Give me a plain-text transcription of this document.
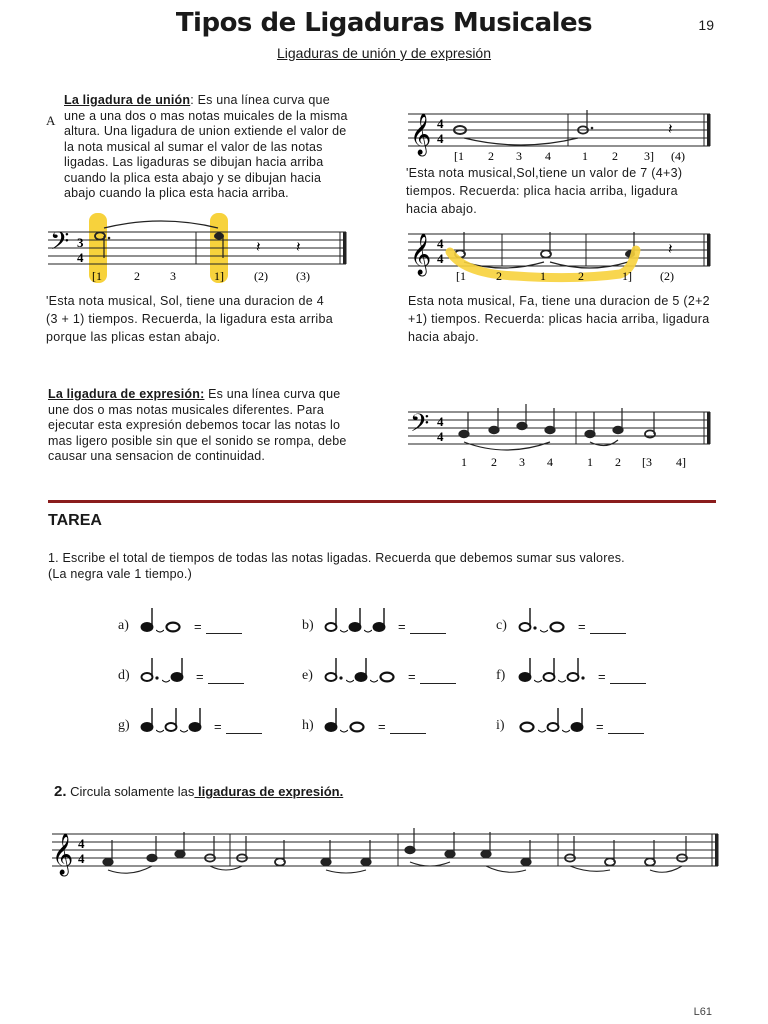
Tipos de Ligaduras Musicales	19
Ligaduras de unión y de expresión
A
La ligadura de unión: Es una línea curva que une a una dos o mas notas muicales de la misma altura. Una ligadura de union extiende el valor de la nota musical al sumar el valor de las notas ligadas. Las ligaduras se dibujan hacia arriba cuando la plica esta abajo y se dibujan hacia abajo cuando la plica esta hacia arriba.
𝄢 3
4
𝄽 𝄽
[1	2	3	1]	(2) (3)
'Esta nota musical, Sol, tiene una duracion de 4 (3 + 1) tiempos. Recuerda, la ligadura esta arriba porque las plicas estan abajo.
𝄞 4
4
𝄽
[1 2 3 4	1 2 3] (4)
'Esta nota musical,Sol,tiene un valor de 7 (4+3) tiempos. Recuerda: plica hacia arriba, ligadura hacia abajo.
𝄞 4
4
𝄽
[1	2	1	2	1] (2)
Esta nota musical, Fa, tiene una duracion de 5 (2+2 +1) tiempos. Recuerda: plicas hacia arriba, ligadura hacia abajo.
La ligadura de expresión: Es una línea curva que une dos o mas notas musicales diferentes. Para ejecutar esta expresión debemos tocar las notas lo mas ligero posible sin que el sonido se rompa, debe causar una sensacion de continuidad.
𝄢 4
4
1 2 3 4	1 2 [3 4]
TAREA
1. Escribe el total de tiempos de todas las notas ligadas. Recuerda que debemos sumar sus valores. (La negra vale 1 tiempo.)
a)	=	b)	=	c)	=
d)	=	e)	=	f)	=
g)	=	h)	=	i)	=
2. Circula solamente las ligaduras de expresión.
𝄞 4
4
L61
